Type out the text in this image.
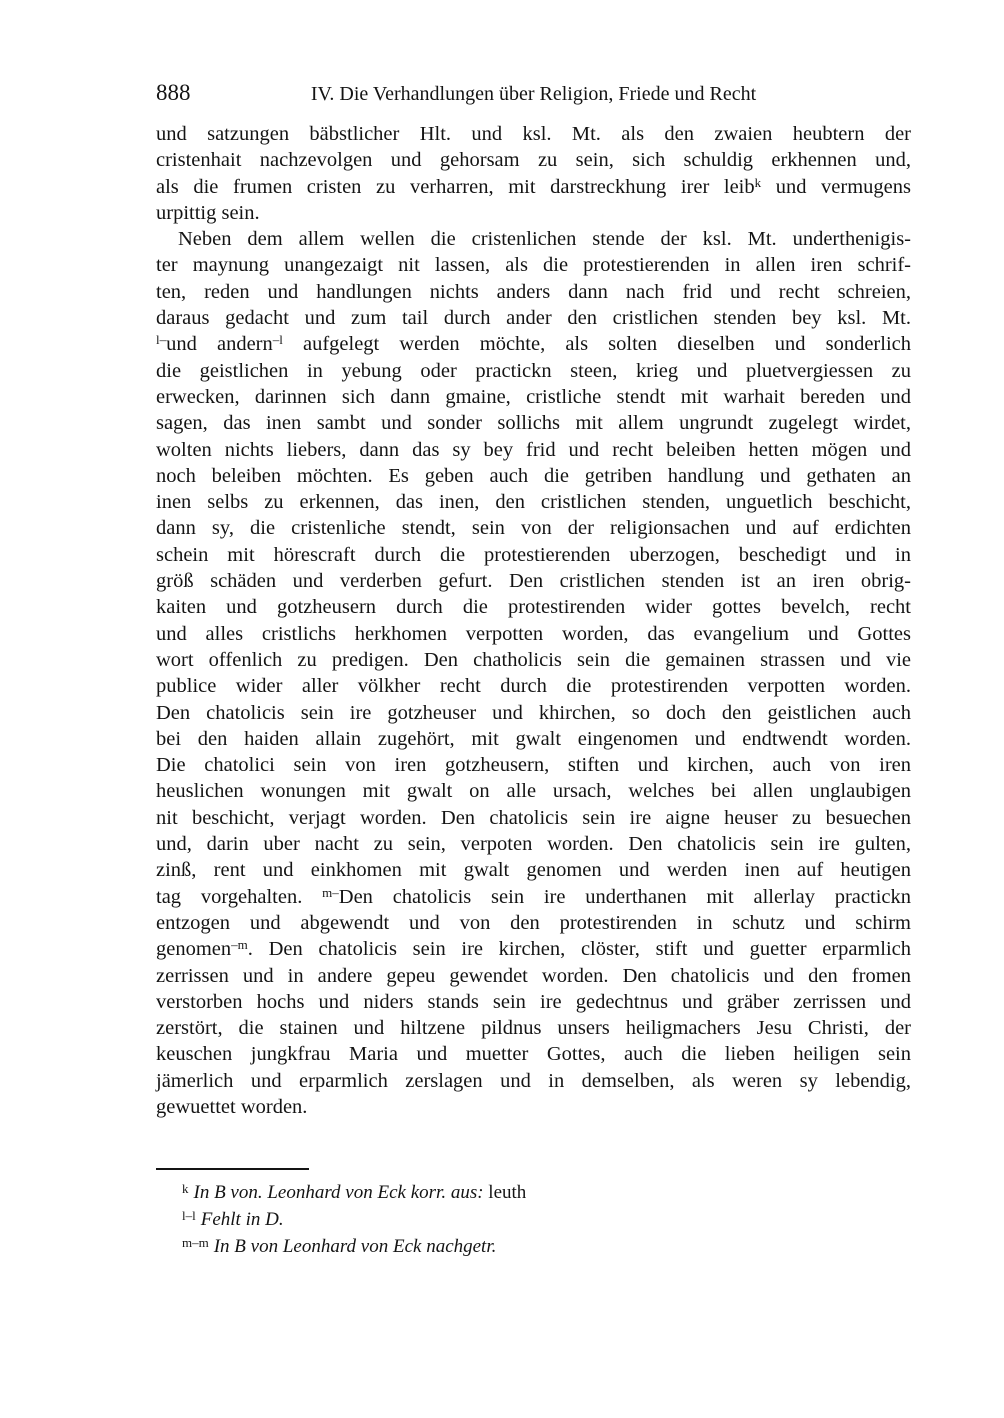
888	IV. Die Verhandlungen über Religion, Friede und Recht
und satzungen bäbstlicher Hlt. und ksl. Mt. als den zwaien heubtern der
cristenhait nachzevolgen und gehorsam zu sein, sich schuldig erkhennen und,
als die frumen cristen zu verharren, mit darstreckhung irer leib$^k$ und vermugens
urpittig sein.
Neben dem allem wellen die cristenlichen stende der ksl. Mt. underthenigis-
ter maynung unangezaigt nit lassen, als die protestierenden in allen iren schrif-
ten, reden und handlungen nichts anders dann nach frid und recht schreien,
daraus gedacht und zum tail durch ander den cristlichen stenden bey ksl. Mt.
$^{l-}$und andern$^{-l}$ aufgelegt werden möchte, als solten dieselben und sonderlich
die geistlichen in yebung oder practickn steen, krieg und pluetvergiessen zu
erwecken, darinnen sich dann gmaine, cristliche stendt mit warhait bereden und
sagen, das inen sambt und sonder sollichs mit allem ungrundt zugelegt wirdet,
wolten nichts liebers, dann das sy bey frid und recht beleiben hetten mögen und
noch beleiben möchten. Es geben auch die getriben handlung und gethaten an
inen selbs zu erkennen, das inen, den cristlichen stenden, unguetlich beschicht,
dann sy, die cristenliche stendt, sein von der religionsachen und auf erdichten
schein mit hörescraft durch die protestierenden uberzogen, beschedigt und in
größ schäden und verderben gefurt. Den cristlichen stenden ist an iren obrig-
kaiten und gotzheusern durch die protestirenden wider gottes bevelch, recht
und alles cristlichs herkhomen verpotten worden, das evangelium und Gottes
wort offenlich zu predigen. Den chatholicis sein die gemainen strassen und vie
publice wider aller völkher recht durch die protestirenden verpotten worden.
Den chatolicis sein ire gotzheuser und khirchen, so doch den geistlichen auch
bei den haiden allain zugehört, mit gwalt eingenomen und endtwendt worden.
Die chatolici sein von iren gotzheusern, stiften und kirchen, auch von iren
heuslichen wonungen mit gwalt on alle ursach, welches bei allen unglaubigen
nit beschicht, verjagt worden. Den chatolicis sein ire aigne heuser zu besuechen
und, darin uber nacht zu sein, verpoten worden. Den chatolicis sein ire gulten,
zinß, rent und einkhomen mit gwalt genomen und werden inen auf heutigen
tag vorgehalten. $^{m-}$Den chatolicis sein ire underthanen mit allerlay practickn
entzogen und abgewendt und von den protestirenden in schutz und schirm
genomen$^{-m}$. Den chatolicis sein ire kirchen, clöster, stift und guetter erparmlich
zerrissen und in andere gepeu gewendet worden. Den chatolicis und den fromen
verstorben hochs und niders stands sein ire gedechtnus und gräber zerrissen und
zerstört, die stainen und hiltzene pildnus unsers heiligmachers Jesu Christi, der
keuschen jungkfrau Maria und muetter Gottes, auch die lieben heiligen sein
jämerlich und erparmlich zerslagen und in demselben, als weren sy lebendig,
gewuettet worden.
$^k$ In B von. Leonhard von Eck korr. aus: leuth
$^{l-l}$ Fehlt in D.
$^{m-m}$ In B von Leonhard von Eck nachgetr.
